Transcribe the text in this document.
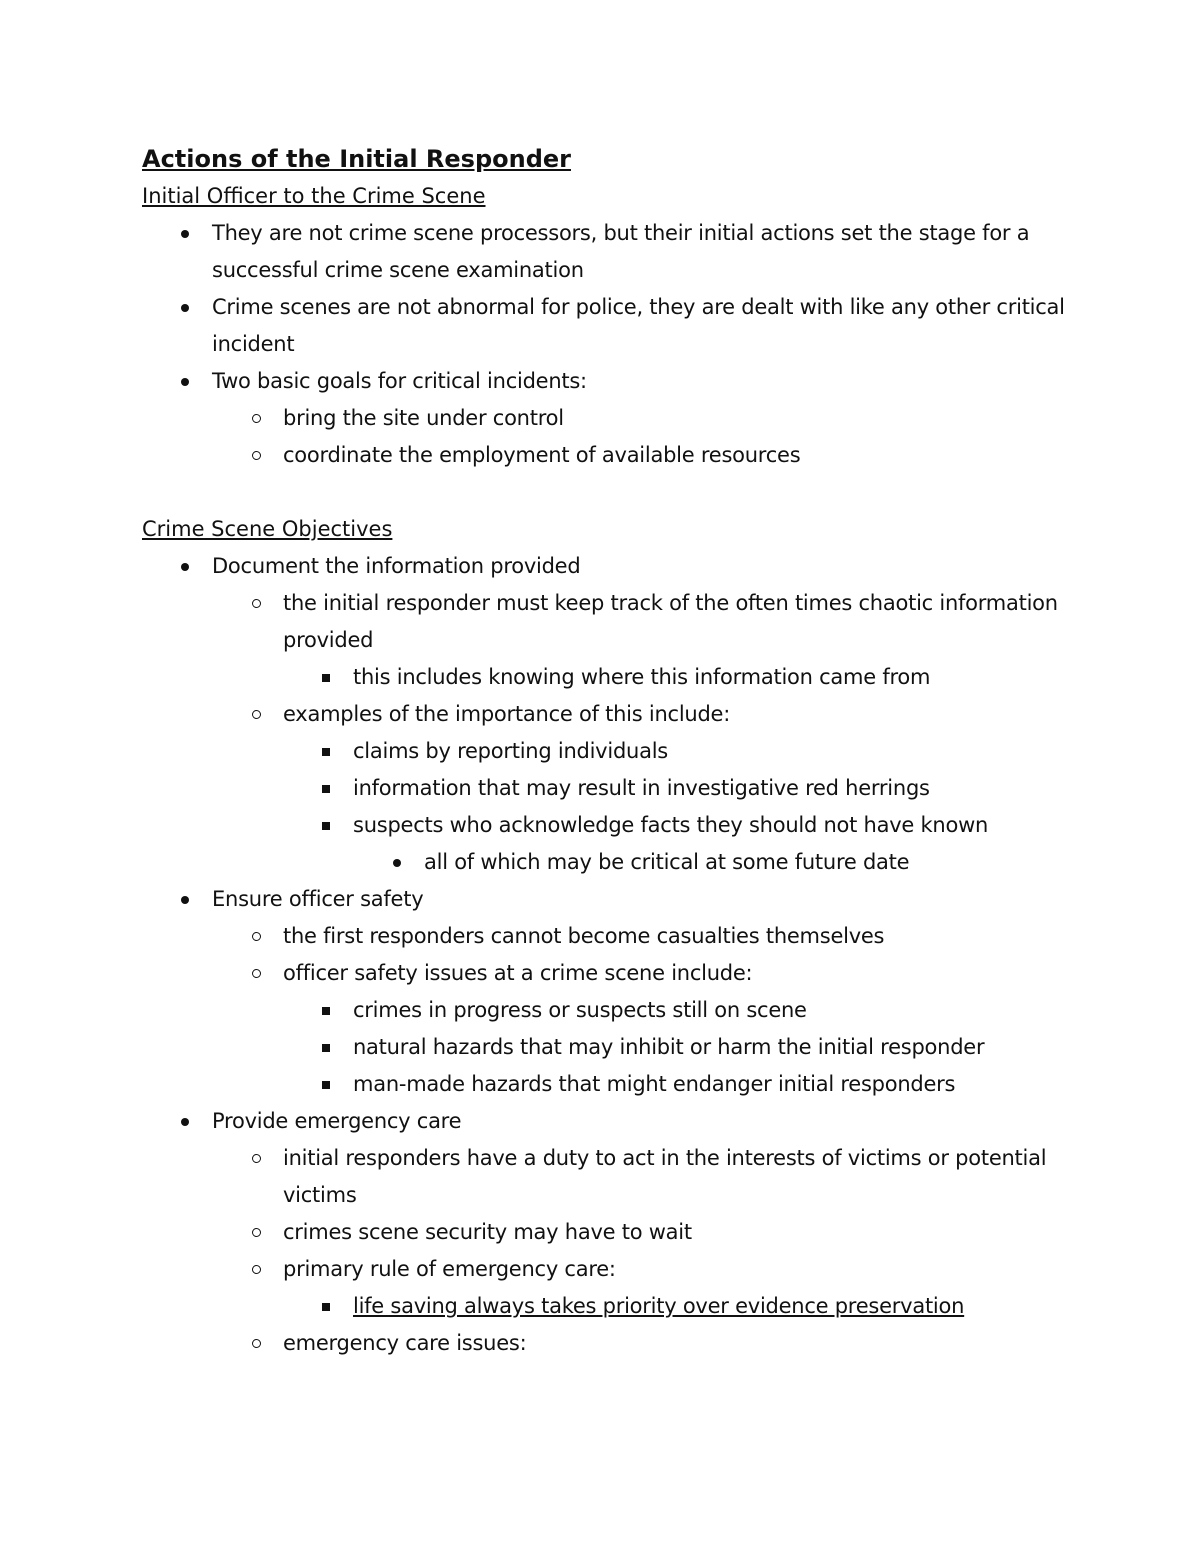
Actions of the Initial Responder
Initial Officer to the Crime Scene
They are not crime scene processors, but their initial actions set the stage for a successful crime scene examination
Crime scenes are not abnormal for police, they are dealt with like any other critical incident
Two basic goals for critical incidents:
bring the site under control
coordinate the employment of available resources
Crime Scene Objectives
Document the information provided
the initial responder must keep track of the often times chaotic information provided
this includes knowing where this information came from
examples of the importance of this include:
claims by reporting individuals
information that may result in investigative red herrings
suspects who acknowledge facts they should not have known
all of which may be critical at some future date
Ensure officer safety
the first responders cannot become casualties themselves
officer safety issues at a crime scene include:
crimes in progress or suspects still on scene
natural hazards that may inhibit or harm the initial responder
man-made hazards that might endanger initial responders
Provide emergency care
initial responders have a duty to act in the interests of victims or potential victims
crimes scene security may have to wait
primary rule of emergency care:
life saving always takes priority over evidence preservation
emergency care issues:
